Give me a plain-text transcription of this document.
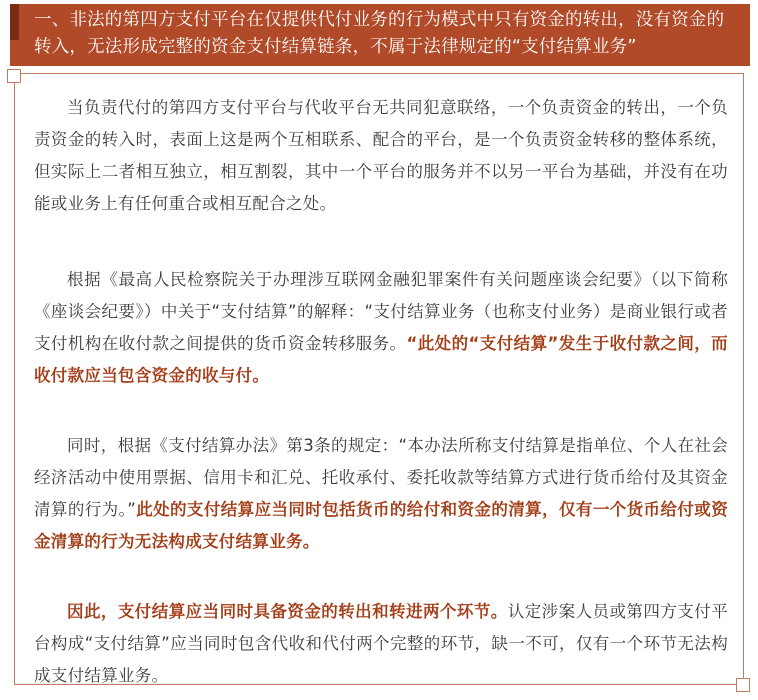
一、非法的第四方支付平台在仅提供代付业务的行为模式中只有资金的转出，没有资金的转入，无法形成完整的资金支付结算链条，不属于法律规定的“支付结算业务”

当负责代付的第四方支付平台与代收平台无共同犯意联络，一个负责资金的转出，一个负责资金的转入时，表面上这是两个互相联系、配合的平台，是一个负责资金转移的整体系统，但实际上二者相互独立，相互割裂，其中一个平台的服务并不以另一平台为基础，并没有在功能或业务上有任何重合或相互配合之处。

根据《最高人民检察院关于办理涉互联网金融犯罪案件有关问题座谈会纪要》（以下简称《座谈会纪要》）中关于“支付结算”的解释：“支付结算业务（也称支付业务）是商业银行或者支付机构在收付款之间提供的货币资金转移服务。“此处的“支付结算”发生于收付款之间，而收付款应当包含资金的收与付。

同时，根据《支付结算办法》第3条的规定：“本办法所称支付结算是指单位、个人在社会经济活动中使用票据、信用卡和汇兑、托收承付、委托收款等结算方式进行货币给付及其资金清算的行为。”此处的支付结算应当同时包括货币的给付和资金的清算，仅有一个货币给付或资金清算的行为无法构成支付结算业务。

因此，支付结算应当同时具备资金的转出和转进两个环节。认定涉案人员或第四方支付平台构成“支付结算”应当同时包含代收和代付两个完整的环节，缺一不可，仅有一个环节无法构成支付结算业务。
